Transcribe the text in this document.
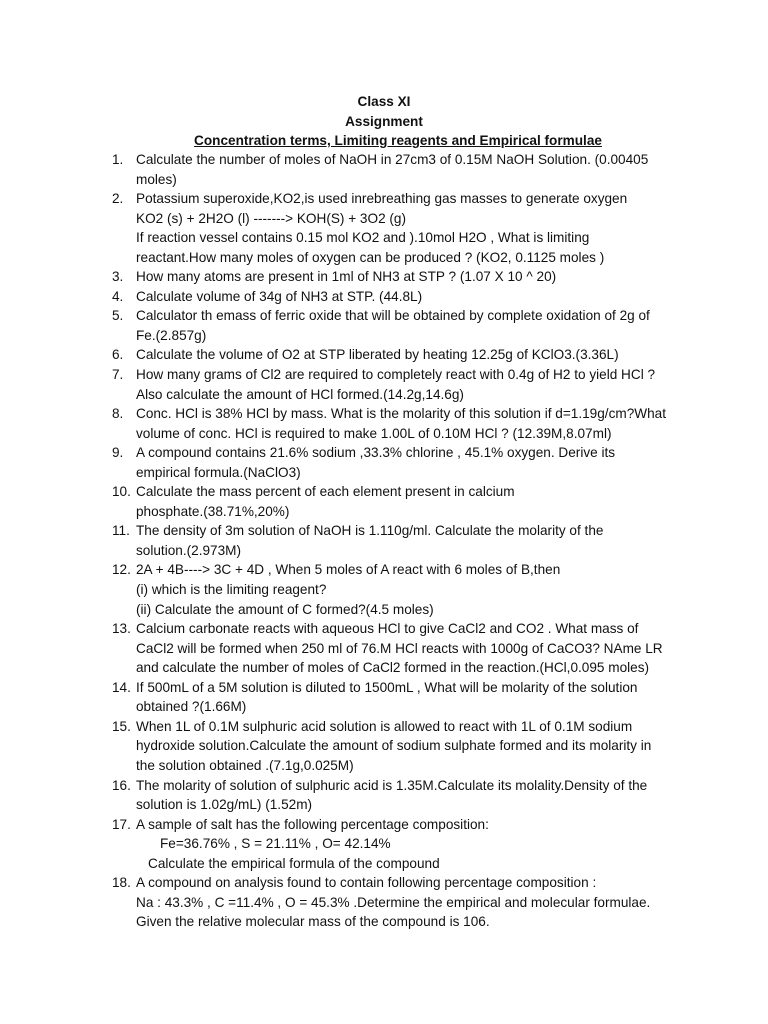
Class XI
Assignment
Concentration terms, Limiting reagents and Empirical formulae
1. Calculate the number of moles of NaOH in 27cm3 of 0.15M NaOH Solution. (0.00405
moles)
2. Potassium superoxide,KO2,is used inrebreathing gas masses to generate oxygen
KO2 (s) + 2H2O (l) -------> KOH(S) + 3O2 (g)
If reaction vessel contains 0.15 mol KO2 and ).10mol H2O , What is limiting
reactant.How many moles of oxygen can be produced ? (KO2, 0.1125 moles )
3. How many atoms are present in 1ml of NH3 at STP ? (1.07 X 10 ^ 20)
4. Calculate volume of 34g of NH3 at STP. (44.8L)
5. Calculator th emass of ferric oxide that will be obtained by complete oxidation of 2g of
Fe.(2.857g)
6. Calculate the volume of O2 at STP liberated by heating 12.25g of KClO3.(3.36L)
7. How many grams of Cl2 are required to completely react with 0.4g of H2 to yield HCl ?
Also calculate the amount of HCl formed.(14.2g,14.6g)
8. Conc. HCl is 38% HCl by mass. What is the molarity of this solution if d=1.19g/cm?What
volume of conc. HCl is required to make 1.00L of 0.10M HCl ? (12.39M,8.07ml)
9. A compound contains 21.6% sodium ,33.3% chlorine , 45.1% oxygen. Derive its
empirical formula.(NaClO3)
10. Calculate the mass percent of each element present in calcium
phosphate.(38.71%,20%)
11. The density of 3m solution of NaOH is 1.110g/ml. Calculate the molarity of the
solution.(2.973M)
12. 2A + 4B----> 3C + 4D , When 5 moles of A react with 6 moles of B,then
(i) which is the limiting reagent?
(ii) Calculate the amount of C formed?(4.5 moles)
13. Calcium carbonate reacts with aqueous HCl to give CaCl2 and CO2 . What mass of
CaCl2 will be formed when 250 ml of 76.M HCl reacts with 1000g of CaCO3? NAme LR
and calculate the number of moles of CaCl2 formed in the reaction.(HCl,0.095 moles)
14. If 500mL of a 5M solution is diluted to 1500mL , What will be molarity of the solution
obtained ?(1.66M)
15. When 1L of 0.1M sulphuric acid solution is allowed to react with 1L of 0.1M sodium
hydroxide solution.Calculate the amount of sodium sulphate formed and its molarity in
the solution obtained .(7.1g,0.025M)
16. The molarity of solution of sulphuric acid is 1.35M.Calculate its molality.Density of the
solution is 1.02g/mL) (1.52m)
17. A sample of salt has the following percentage composition:
Fe=36.76% , S = 21.11% , O= 42.14%
Calculate the empirical formula of the compound
18. A compound on analysis found to contain following percentage composition :
Na : 43.3% , C =11.4% , O = 45.3% .Determine the empirical and molecular formulae.
Given the relative molecular mass of the compound is 106.
